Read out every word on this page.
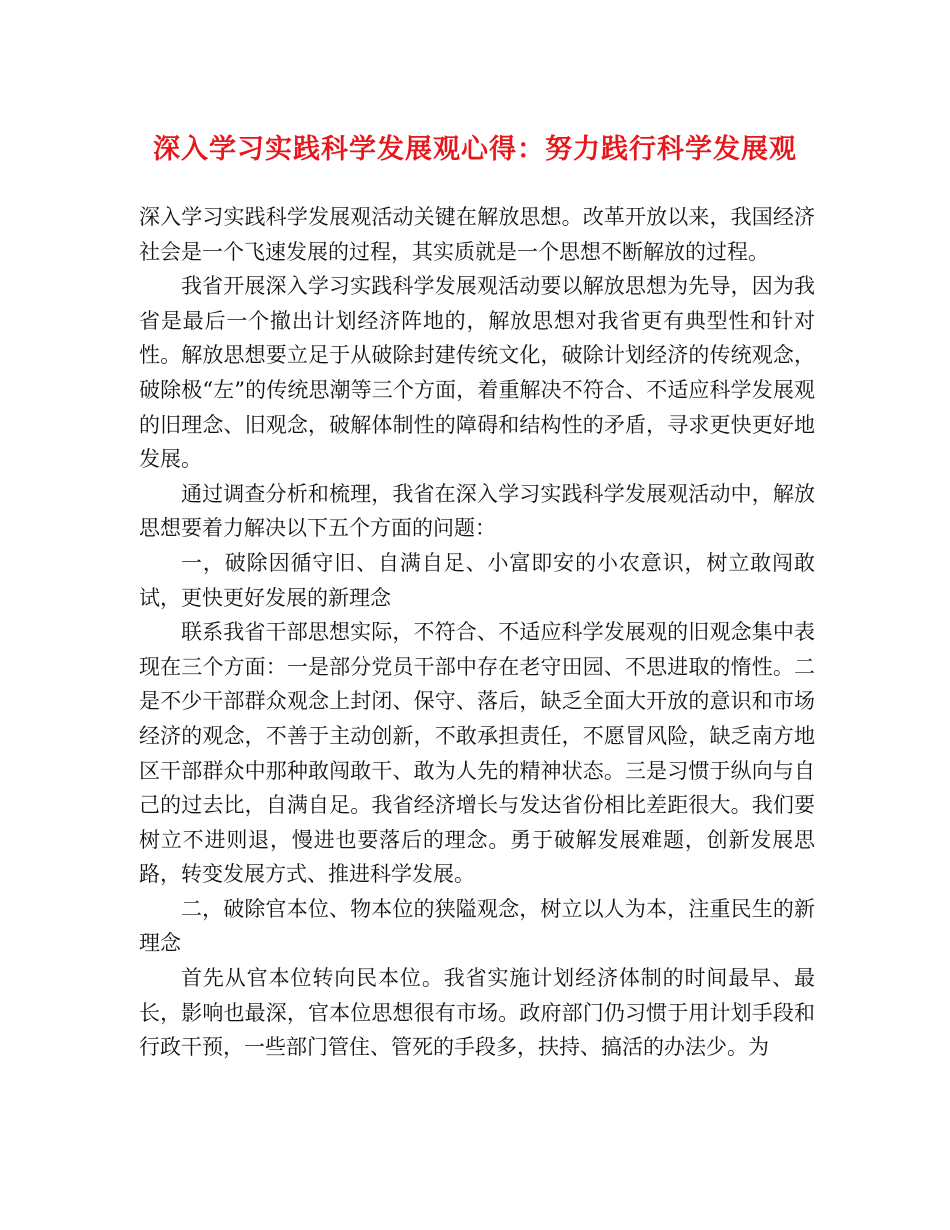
深入学习实践科学发展观心得：努力践行科学发展观

深入学习实践科学发展观活动关键在解放思想。改革开放以来，我国经济社会是一个飞速发展的过程，其实质就是一个思想不断解放的过程。

我省开展深入学习实践科学发展观活动要以解放思想为先导，因为我省是最后一个撤出计划经济阵地的，解放思想对我省更有典型性和针对性。解放思想要立足于从破除封建传统文化，破除计划经济的传统观念，破除极“左”的传统思潮等三个方面，着重解决不符合、不适应科学发展观的旧理念、旧观念，破解体制性的障碍和结构性的矛盾，寻求更快更好地发展。

通过调查分析和梳理，我省在深入学习实践科学发展观活动中，解放思想要着力解决以下五个方面的问题：

一，破除因循守旧、自满自足、小富即安的小农意识，树立敢闯敢试，更快更好发展的新理念

联系我省干部思想实际，不符合、不适应科学发展观的旧观念集中表现在三个方面：一是部分党员干部中存在老守田园、不思进取的惰性。二是不少干部群众观念上封闭、保守、落后，缺乏全面大开放的意识和市场经济的观念，不善于主动创新，不敢承担责任，不愿冒风险，缺乏南方地区干部群众中那种敢闯敢干、敢为人先的精神状态。三是习惯于纵向与自己的过去比，自满自足。我省经济增长与发达省份相比差距很大。我们要树立不进则退，慢进也要落后的理念。勇于破解发展难题，创新发展思路，转变发展方式、推进科学发展。

二，破除官本位、物本位的狭隘观念，树立以人为本，注重民生的新理念

首先从官本位转向民本位。我省实施计划经济体制的时间最早、最长，影响也最深，官本位思想很有市场。政府部门仍习惯于用计划手段和行政干预，一些部门管住、管死的手段多，扶持、搞活的办法少。为
